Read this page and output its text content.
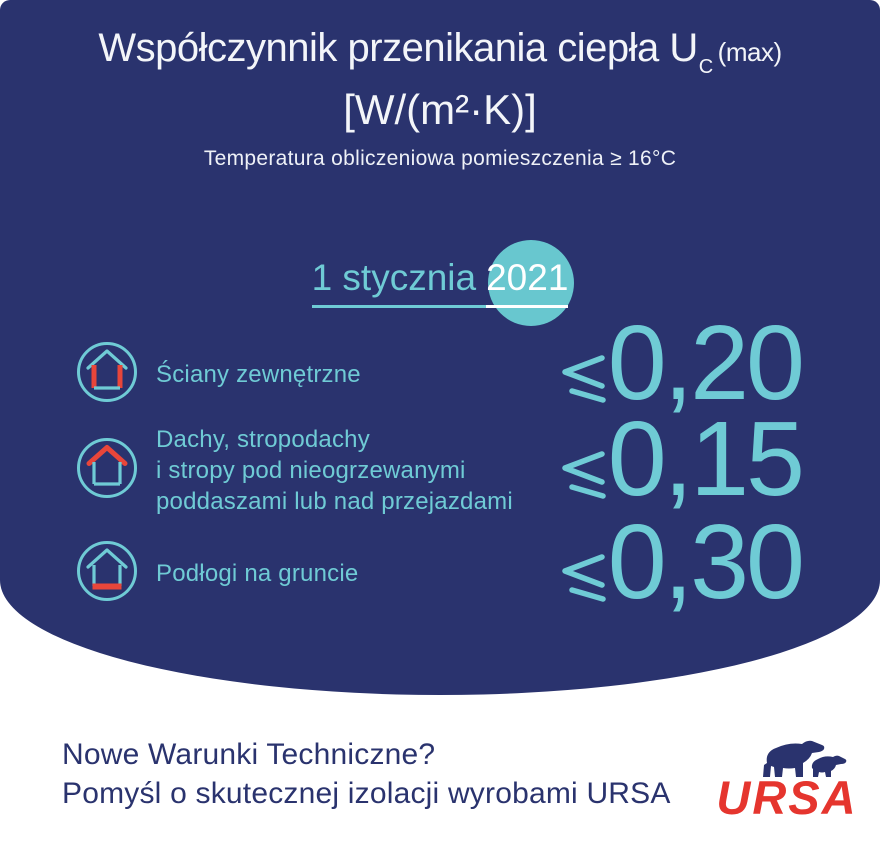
Współczynnik przenikania ciepła $U_C$ (max)
[W/(m²·K)]
Temperatura obliczeniowa pomieszczenia ≥ 16°C
1 stycznia 2021
Ściany zewnętrzne 0,20
Dachy, stropodachy
i stropy pod nieogrzewanymi
poddaszami lub nad przejazdami 0,15
Podłogi na gruncie 0,30
Nowe Warunki Techniczne?
Pomyśl o skutecznej izolacji wyrobami URSA URSA
